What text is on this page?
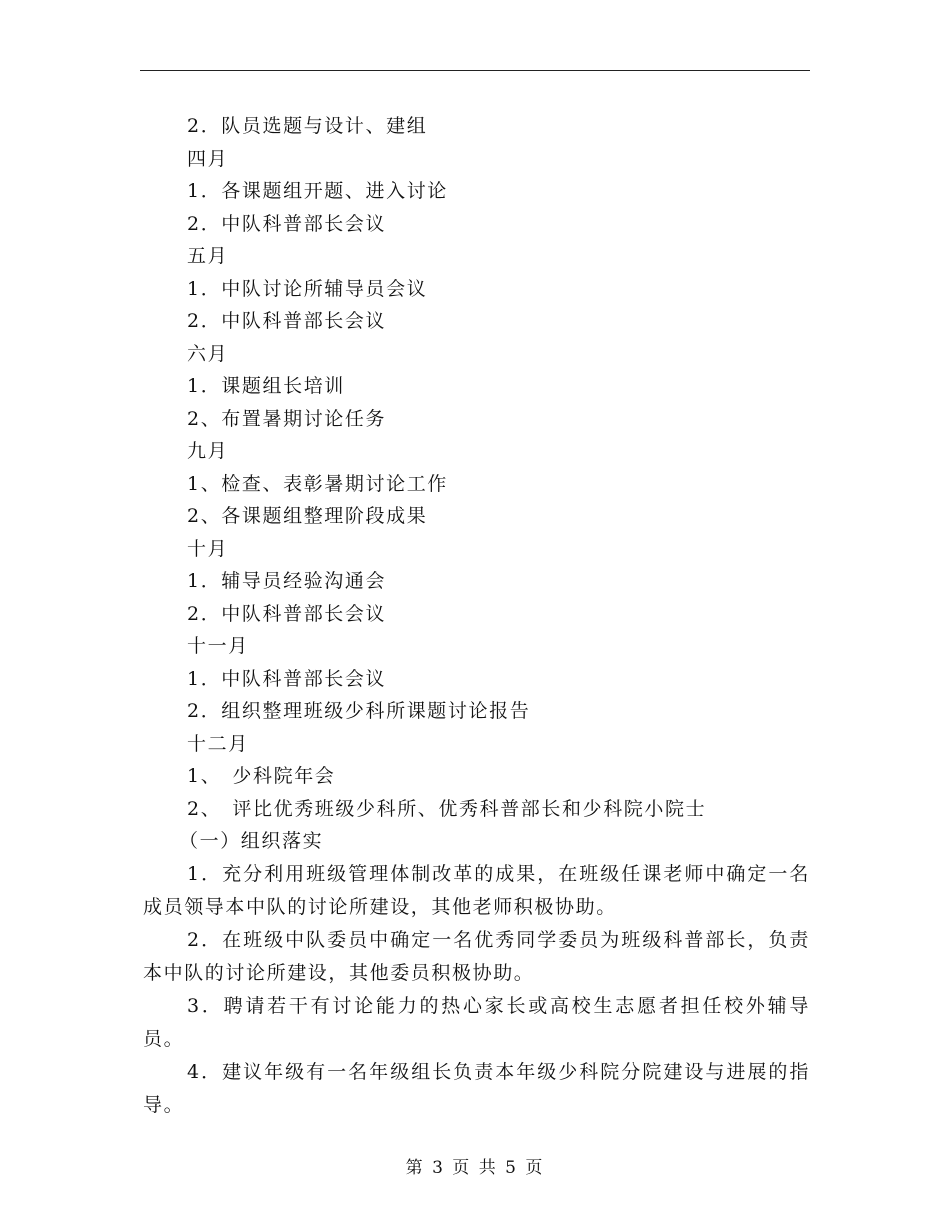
2．队员选题与设计、建组
四月
1．各课题组开题、进入讨论
2．中队科普部长会议
五月
1．中队讨论所辅导员会议
2．中队科普部长会议
六月
1．课题组长培训
2、布置暑期讨论任务
九月
1、检查、表彰暑期讨论工作
2、各课题组整理阶段成果
十月
1．辅导员经验沟通会
2．中队科普部长会议
十一月
1．中队科普部长会议
2．组织整理班级少科所课题讨论报告
十二月
1、　少科院年会
2、　评比优秀班级少科所、优秀科普部长和少科院小院士
（一）组织落实

1．充分利用班级管理体制改革的成果，在班级任课老师中确定一名成员领导本中队的讨论所建设，其他老师积极协助。

2．在班级中队委员中确定一名优秀同学委员为班级科普部长，负责本中队的讨论所建设，其他委员积极协助。

3．聘请若干有讨论能力的热心家长或高校生志愿者担任校外辅导员。

4．建议年级有一名年级组长负责本年级少科院分院建设与进展的指导。

第 3 页 共 5 页
